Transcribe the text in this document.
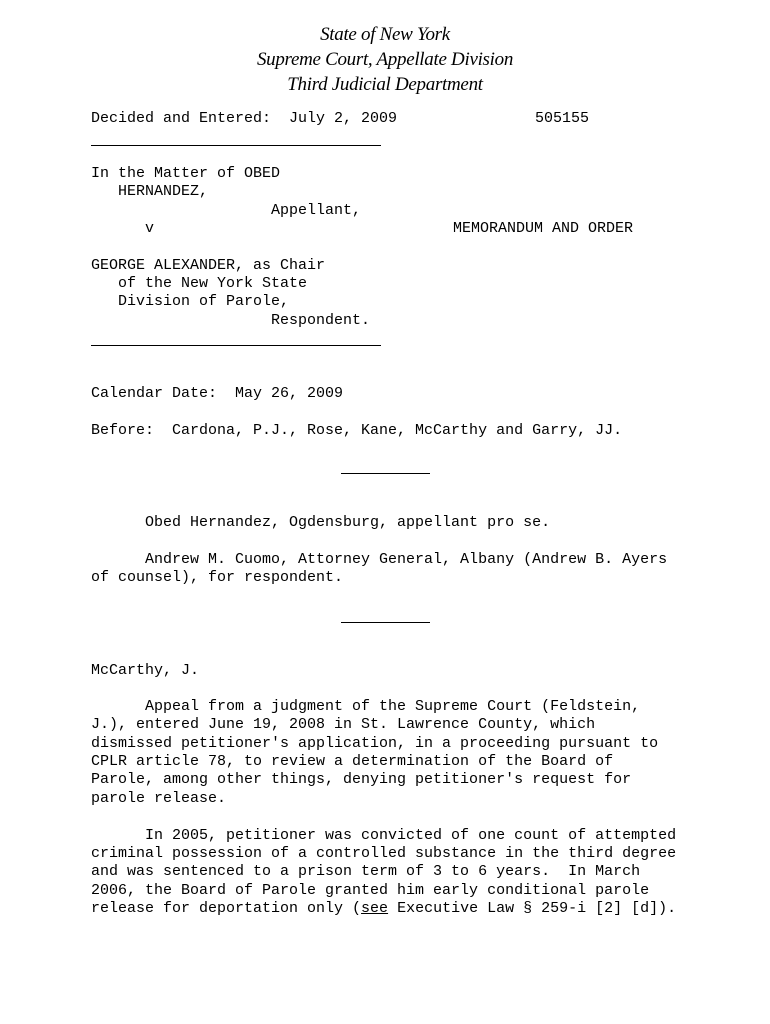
State of New York
Supreme Court, Appellate Division
Third Judicial Department
Decided and Entered:  July 2, 2009	505155
In the Matter of OBED
HERNANDEZ,
Appellant,
v	MEMORANDUM AND ORDER
GEORGE ALEXANDER, as Chair
of the New York State
Division of Parole,
Respondent.
Calendar Date:  May 26, 2009
Before:  Cardona, P.J., Rose, Kane, McCarthy and Garry, JJ.
Obed Hernandez, Ogdensburg, appellant pro se.
Andrew M. Cuomo, Attorney General, Albany (Andrew B. Ayers
of counsel), for respondent.
McCarthy, J.
Appeal from a judgment of the Supreme Court (Feldstein,
J.), entered June 19, 2008 in St. Lawrence County, which
dismissed petitioner's application, in a proceeding pursuant to
CPLR article 78, to review a determination of the Board of
Parole, among other things, denying petitioner's request for
parole release.
In 2005, petitioner was convicted of one count of attempted
criminal possession of a controlled substance in the third degree
and was sentenced to a prison term of 3 to 6 years.  In March
2006, the Board of Parole granted him early conditional parole
release for deportation only (see Executive Law § 259-i [2] [d]).
